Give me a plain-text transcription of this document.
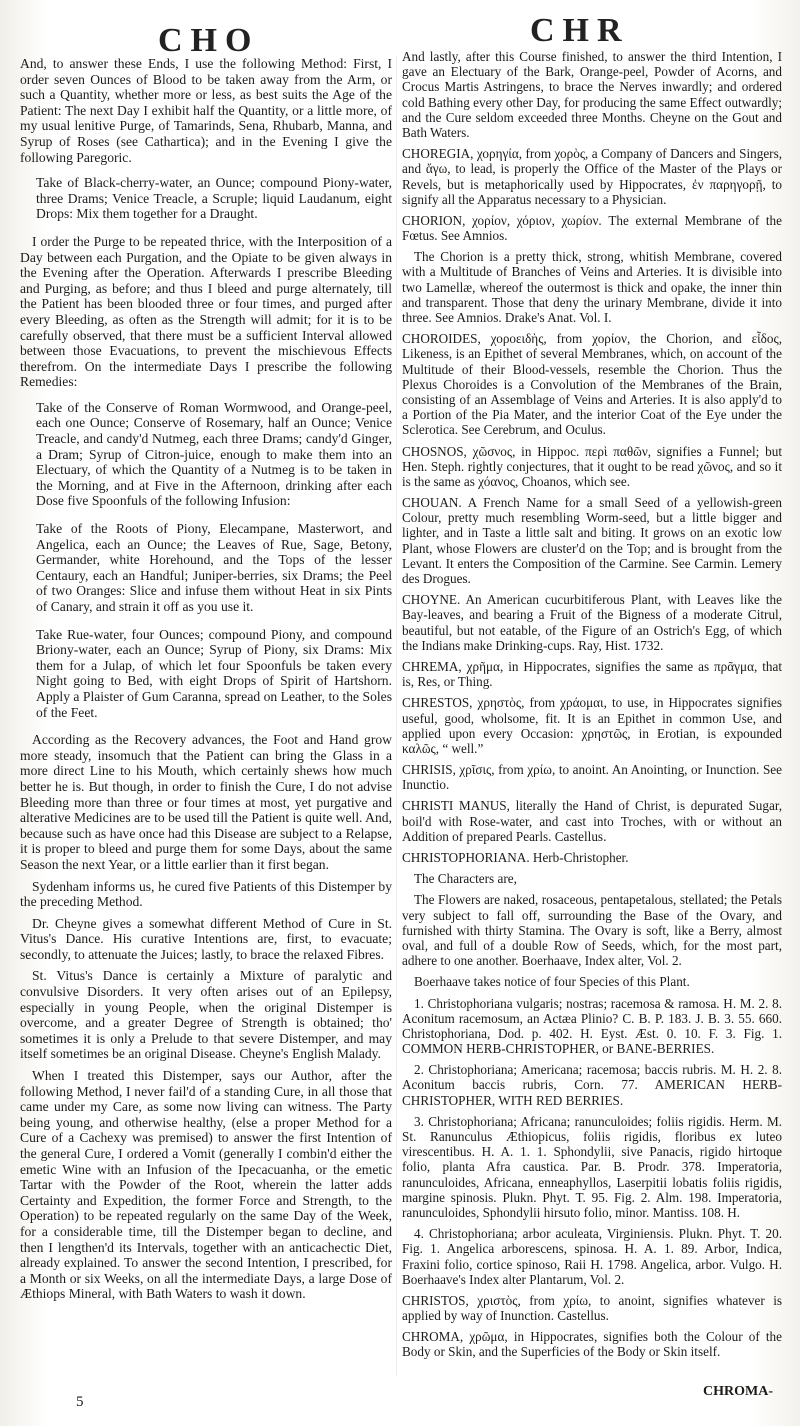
CHO	CHR

And, to answer these Ends, I use the following Method: First, I order seven Ounces of Blood to be taken away from the Arm, or such a Quantity, whether more or less, as best suits the Age of the Patient: The next Day I exhibit half the Quantity, or a little more, of my usual lenitive Purge, of Tamarinds, Sena, Rhubarb, Manna, and Syrup of Roses (see Cathartica); and in the Evening I give the following Paregoric.

Take of Black-cherry-water, an Ounce; compound Piony-water, three Drams; Venice Treacle, a Scruple; liquid Laudanum, eight Drops: Mix them together for a Draught.

I order the Purge to be repeated thrice, with the Interposition of a Day between each Purgation, and the Opiate to be given always in the Evening after the Operation. Afterwards I prescribe Bleeding and Purging, as before; and thus I bleed and purge alternately, till the Patient has been blooded three or four times, and purged after every Bleeding, as often as the Strength will admit; for it is to be carefully observed, that there must be a sufficient Interval allowed between those Evacuations, to prevent the mischievous Effects therefrom. On the intermediate Days I prescribe the following Remedies:

Take of the Conserve of Roman Wormwood, and Orange-peel, each one Ounce; Conserve of Rosemary, half an Ounce; Venice Treacle, and candy'd Nutmeg, each three Drams; candy'd Ginger, a Dram; Syrup of Citron-juice, enough to make them into an Electuary, of which the Quantity of a Nutmeg is to be taken in the Morning, and at Five in the Afternoon, drinking after each Dose five Spoonfuls of the following Infusion:

Take of the Roots of Piony, Elecampane, Masterwort, and Angelica, each an Ounce; the Leaves of Rue, Sage, Betony, Germander, white Horehound, and the Tops of the lesser Centaury, each an Handful; Juniper-berries, six Drams; the Peel of two Oranges: Slice and infuse them without Heat in six Pints of Canary, and strain it off as you use it.

Take Rue-water, four Ounces; compound Piony, and compound Briony-water, each an Ounce; Syrup of Piony, six Drams: Mix them for a Julap, of which let four Spoonfuls be taken every Night going to Bed, with eight Drops of Spirit of Hartshorn. Apply a Plaister of Gum Caranna, spread on Leather, to the Soles of the Feet.

According as the Recovery advances, the Foot and Hand grow more steady, insomuch that the Patient can bring the Glass in a more direct Line to his Mouth, which certainly shews how much better he is. But though, in order to finish the Cure, I do not advise Bleeding more than three or four times at most, yet purgative and alterative Medicines are to be used till the Patient is quite well. And, because such as have once had this Disease are subject to a Relapse, it is proper to bleed and purge them for some Days, about the same Season the next Year, or a little earlier than it first began.

Sydenham informs us, he cured five Patients of this Distemper by the preceding Method.

Dr. Cheyne gives a somewhat different Method of Cure in St. Vitus's Dance. His curative Intentions are, first, to evacuate; secondly, to attenuate the Juices; lastly, to brace the relaxed Fibres.

St. Vitus's Dance is certainly a Mixture of paralytic and convulsive Disorders. It very often arises out of an Epilepsy, especially in young People, when the original Distemper is overcome, and a greater Degree of Strength is obtained; tho' sometimes it is only a Prelude to that severe Distemper, and may itself sometimes be an original Disease. Cheyne's English Malady.

When I treated this Distemper, says our Author, after the following Method, I never fail'd of a standing Cure, in all those that came under my Care, as some now living can witness. The Party being young, and otherwise healthy, (else a proper Method for a Cure of a Cachexy was premised) to answer the first Intention of the general Cure, I ordered a Vomit (generally I combin'd either the emetic Wine with an Infusion of the Ipecacuanha, or the emetic Tartar with the Powder of the Root, wherein the latter adds Certainty and Expedition, the former Force and Strength, to the Operation) to be repeated regularly on the same Day of the Week, for a considerable time, till the Distemper began to decline, and then I lengthen'd its Intervals, together with an anticachectic Diet, already explained. To answer the second Intention, I prescribed, for a Month or six Weeks, on all the intermediate Days, a large Dose of Æthiops Mineral, with Bath Waters to wash it down.

And lastly, after this Course finished, to answer the third Intention, I gave an Electuary of the Bark, Orange-peel, Powder of Acorns, and Crocus Martis Astringens, to brace the Nerves inwardly; and ordered cold Bathing every other Day, for producing the same Effect outwardly; and the Cure seldom exceeded three Months. Cheyne on the Gout and Bath Waters.

CHOREGIA, χορηγία, from χορὸς, a Company of Dancers and Singers, and ἄγω, to lead, is properly the Office of the Master of the Plays or Revels, but is metaphorically used by Hippocrates, ἐν παρηγορῇ, to signify all the Apparatus necessary to a Physician.

CHORION, χορίον, χόριον, χωρίον. The external Membrane of the Fœtus. See Amnios.

The Chorion is a pretty thick, strong, whitish Membrane, covered with a Multitude of Branches of Veins and Arteries. It is divisible into two Lamellæ, whereof the outermost is thick and opake, the inner thin and transparent. Those that deny the urinary Membrane, divide it into three. See Amnios. Drake's Anat. Vol. I.

CHOROIDES, χοροειδὴς, from χορίον, the Chorion, and εἶδος, Likeness, is an Epithet of several Membranes, which, on account of the Multitude of their Blood-vessels, resemble the Chorion. Thus the Plexus Choroides is a Convolution of the Membranes of the Brain, consisting of an Assemblage of Veins and Arteries. It is also apply'd to a Portion of the Pia Mater, and the interior Coat of the Eye under the Sclerotica. See Cerebrum, and Oculus.

CHOSNOS, χῶσνος, in Hippoc. περὶ παθῶν, signifies a Funnel; but Hen. Steph. rightly conjectures, that it ought to be read χῶνος, and so it is the same as χόανος, Choanos, which see.

CHOUAN. A French Name for a small Seed of a yellowish-green Colour, pretty much resembling Worm-seed, but a little bigger and lighter, and in Taste a little salt and biting. It grows on an exotic low Plant, whose Flowers are cluster'd on the Top; and is brought from the Levant. It enters the Composition of the Carmine. See Carmin. Lemery des Drogues.

CHOYNE. An American cucurbitiferous Plant, with Leaves like the Bay-leaves, and bearing a Fruit of the Bigness of a moderate Citrul, beautiful, but not eatable, of the Figure of an Ostrich's Egg, of which the Indians make Drinking-cups. Ray, Hist. 1732.

CHREMA, χρῆμα, in Hippocrates, signifies the same as πρᾶγμα, that is, Res, or Thing.

CHRESTOS, χρηστὸς, from χράομαι, to use, in Hippocrates signifies useful, good, wholsome, fit. It is an Epithet in common Use, and applied upon every Occasion: χρηστῶς, in Erotian, is expounded καλῶς, “ well.”

CHRISIS, χρῖσις, from χρίω, to anoint. An Anointing, or Inunction. See Inunctio.

CHRISTI MANUS, literally the Hand of Christ, is depurated Sugar, boil'd with Rose-water, and cast into Troches, with or without an Addition of prepared Pearls. Castellus.

CHRISTOPHORIANA. Herb-Christopher.

The Characters are,

The Flowers are naked, rosaceous, pentapetalous, stellated; the Petals very subject to fall off, surrounding the Base of the Ovary, and furnished with thirty Stamina. The Ovary is soft, like a Berry, almost oval, and full of a double Row of Seeds, which, for the most part, adhere to one another. Boerhaave, Index alter, Vol. 2.

Boerhaave takes notice of four Species of this Plant.

1. Christophoriana vulgaris; nostras; racemosa & ramosa. H. M. 2. 8. Aconitum racemosum, an Actæa Plinio? C. B. P. 183. J. B. 3. 55. 660. Christophoriana, Dod. p. 402. H. Eyst. Æst. 0. 10. F. 3. Fig. 1. COMMON HERB-CHRISTOPHER, or BANE-BERRIES.

2. Christophoriana; Americana; racemosa; baccis rubris. M. H. 2. 8. Aconitum baccis rubris, Corn. 77. AMERICAN HERB-CHRISTOPHER, WITH RED BERRIES.

3. Christophoriana; Africana; ranunculoides; foliis rigidis. Herm. M. St. Ranunculus Æthiopicus, foliis rigidis, floribus ex luteo virescentibus. H. A. 1. 1. Sphondylii, sive Panacis, rigido hirtoque folio, planta Afra caustica. Par. B. Prodr. 378. Imperatoria, ranunculoides, Africana, enneaphyllos, Laserpitii lobatis foliis rigidis, margine spinosis. Plukn. Phyt. T. 95. Fig. 2. Alm. 198. Imperatoria, ranunculoides, Sphondylii hirsuto folio, minor. Mantiss. 108. H.

4. Christophoriana; arbor aculeata, Virginiensis. Plukn. Phyt. T. 20. Fig. 1. Angelica arborescens, spinosa. H. A. 1. 89. Arbor, Indica, Fraxini folio, cortice spinoso, Raii H. 1798. Angelica, arbor. Vulgo. H. Boerhaave's Index alter Plantarum, Vol. 2.

CHRISTOS, χριστὸς, from χρίω, to anoint, signifies whatever is applied by way of Inunction. Castellus.

CHROMA, χρῶμα, in Hippocrates, signifies both the Colour of the Body or Skin, and the Superficies of the Body or Skin itself.

5
CHROMA-
